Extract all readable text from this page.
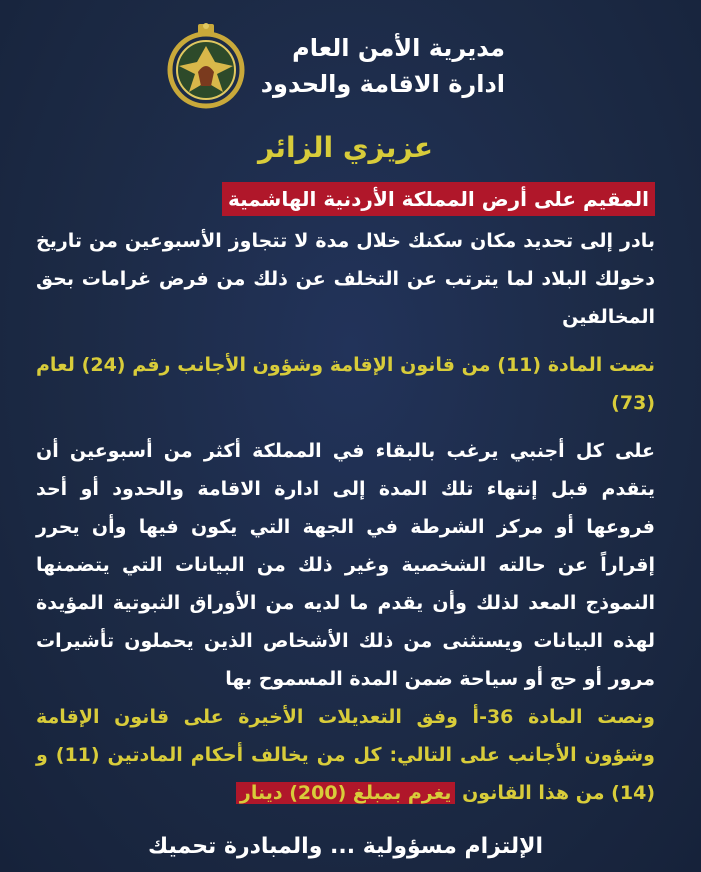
مديرية الأمن العام
ادارة الاقامة والحدود
عزيزي الزائر
المقيم على أرض المملكة الأردنية الهاشمية

بادر إلى تحديد مكان سكنك خلال مدة لا تتجاوز الأسبوعين من تاريخ دخولك البلاد لما يترتب عن التخلف عن ذلك من فرض غرامات بحق المخالفين

نصت المادة (11) من قانون الإقامة وشؤون الأجانب رقم (24) لعام (73)

على كل أجنبي يرغب بالبقاء في المملكة أكثر من أسبوعين أن يتقدم قبل إنتهاء تلك المدة إلى ادارة الاقامة والحدود أو أحد فروعها أو مركز الشرطة في الجهة التي يكون فيها وأن يحرر إقراراً عن حالته الشخصية وغير ذلك من البيانات التي يتضمنها النموذج المعد لذلك وأن يقدم ما لديه من الأوراق الثبوتية المؤيدة لهذه البيانات ويستثنى من ذلك الأشخاص الذين يحملون تأشيرات مرور أو حج أو سياحة ضمن المدة المسموح بها

ونصت المادة 36-أ وفق التعديلات الأخيرة على قانون الإقامة وشؤون الأجانب على التالي: كل من يخالف أحكام المادتين (11) و (14) من هذا القانون يغرم بمبلغ (200) دينار

الإلتزام مسؤولية ... والمبادرة تحميك
